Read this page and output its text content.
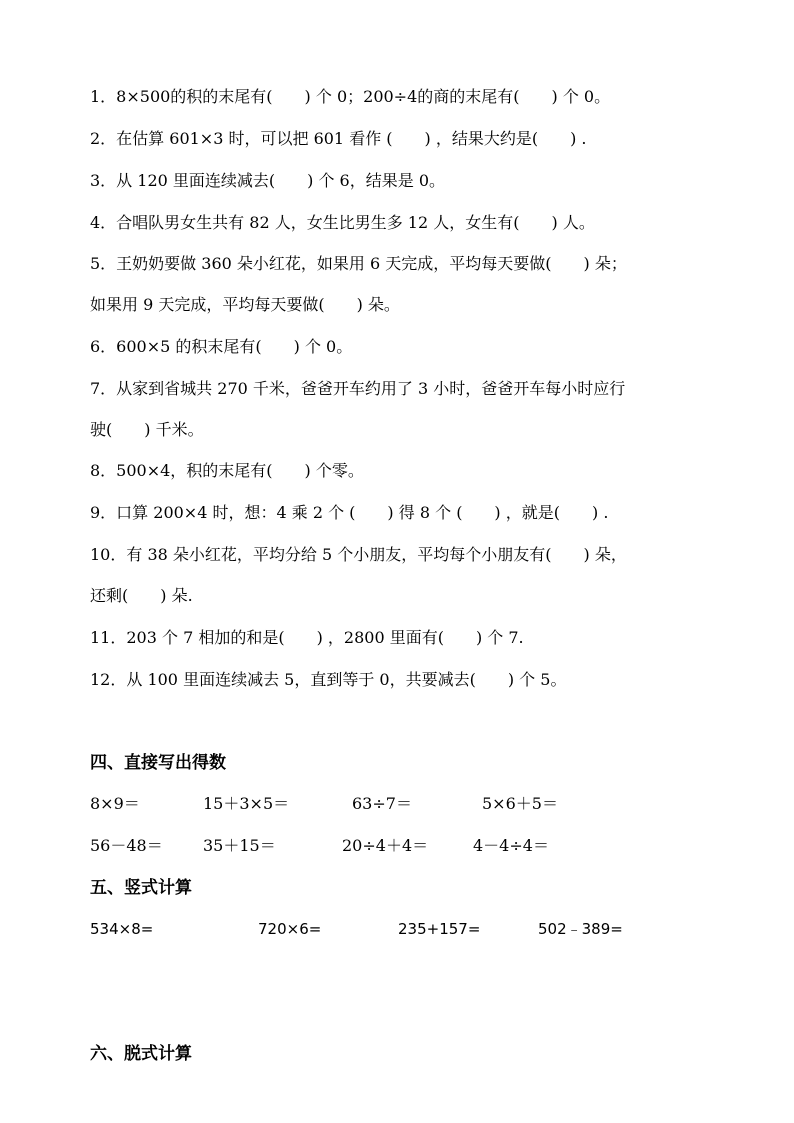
1．8×500的积的末尾有(　　) 个 0；200÷4的商的末尾有(　　) 个 0。
2．在估算 601×3 时，可以把 601 看作 (　　) ，结果大约是(　　) .
3．从 120 里面连续减去(　　) 个 6，结果是 0。
4．合唱队男女生共有 82 人，女生比男生多 12 人，女生有(　　) 人。
5．王奶奶要做 360 朵小红花，如果用 6 天完成，平均每天要做(　　) 朵；
如果用 9 天完成，平均每天要做(　　) 朵。
6．600×5 的积末尾有(　　) 个 0。
7．从家到省城共 270 千米，爸爸开车约用了 3 小时，爸爸开车每小时应行
驶(　　) 千米。
8．500×4，积的末尾有(　　) 个零。
9．口算 200×4 时，想：4 乘 2 个 (　　) 得 8 个 (　　) ，就是(　　) .
10．有 38 朵小红花，平均分给 5 个小朋友，平均每个小朋友有(　　) 朵，
还剩(　　) 朵.
11．203 个 7 相加的和是(　　) ，2800 里面有(　　) 个 7.
12．从 100 里面连续减去 5，直到等于 0，共要减去(　　) 个 5。
四、直接写出得数
8×9＝	15＋3×5＝	63÷7＝	5×6＋5＝
56－48＝	35＋15＝	20÷4＋4＝	4－4÷4＝
五、竖式计算
534×8=	720×6=	235+157=	502﹣389=
六、脱式计算
